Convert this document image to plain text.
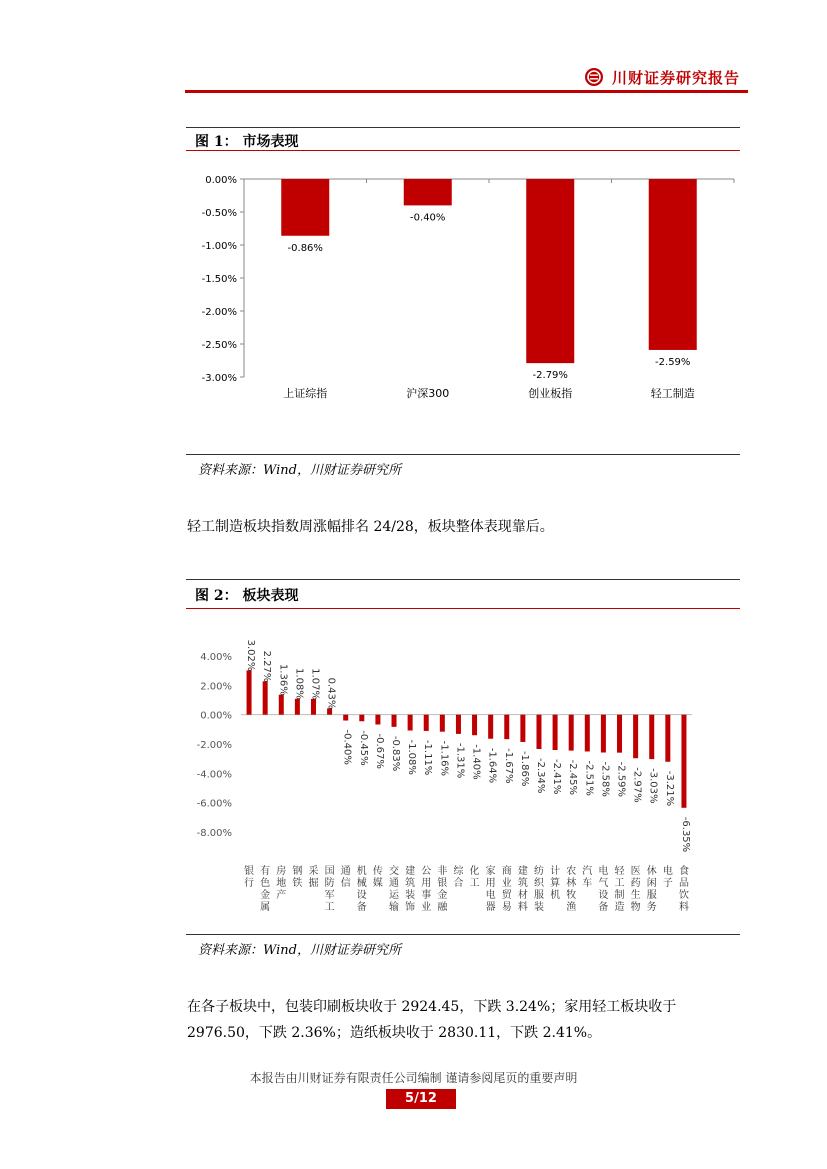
川财证券研究报告
图 1： 市场表现
0.00%
-0.50%
-1.00%
-1.50%
-2.00%
-2.50%
-3.00%
-0.86%
上证综指
-0.40%
沪深300
-2.79%
创业板指
-2.59%
轻工制造
资料来源：Wind，川财证券研究所
轻工制造板块指数周涨幅排名 24/28，板块整体表现靠后。
图 2： 板块表现
4.00%
2.00%
0.00%
-2.00%
-4.00%
-6.00%
-8.00%
3.02% 2.27% 1.36% 1.08% 1.07% 0.43%
-0.40% -0.45% -0.67% -0.83% -1.08% -1.11% -1.16% -1.31% -1.40% -1.64% -1.67% -1.86% -2.34% -2.41% -2.45% -2.51% -2.58% -2.59% -2.97% -3.03% -3.21%
-6.35%
银行
有色金属
房地产
钢铁
采掘
国防军工
通信
机械设备
传媒
交通运输
建筑装饰
公用事业
非银金融
综合
化工
家用电器
商业贸易
建筑材料
纺织服装
计算机
农林牧渔
汽车
电气设备
轻工制造
医药生物
休闲服务
电子
食品饮料
资料来源：Wind，川财证券研究所
在各子板块中，包装印刷板块收于 2924.45，下跌 3.24%；家用轻工板块收于 2976.50，下跌 2.36%；造纸板块收于 2830.11，下跌 2.41%。
本报告由川财证券有限责任公司编制 谨请参阅尾页的重要声明
5/12
